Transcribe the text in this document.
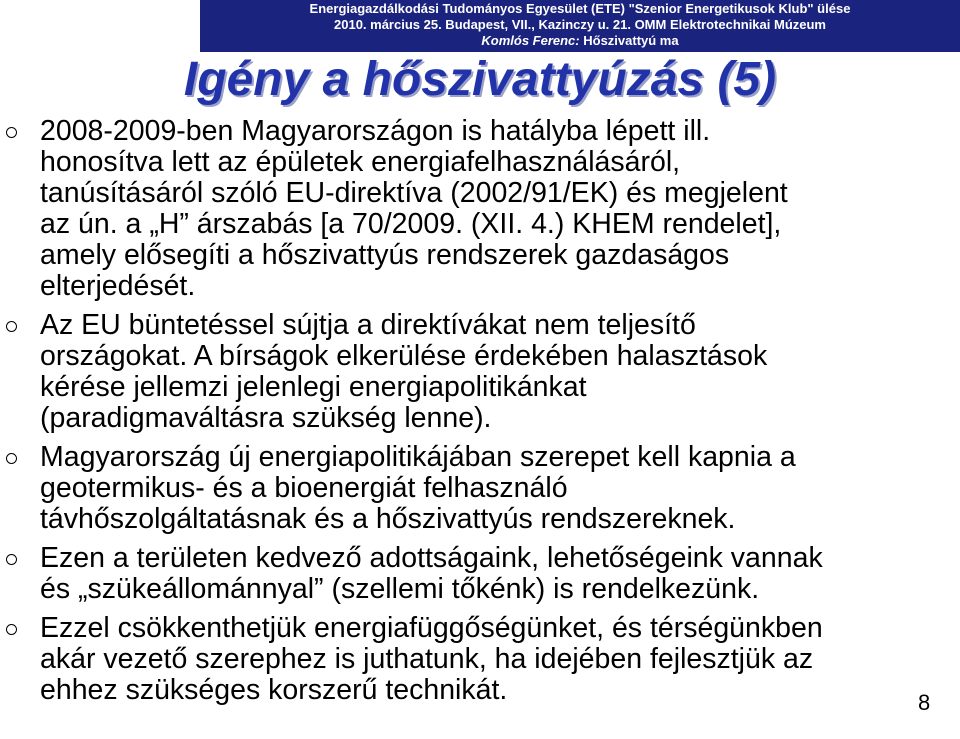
Energiagazdálkodási Tudományos Egyesület (ETE) "Szenior Energetikusok Klub" ülése
2010. március 25. Budapest, VII., Kazinczy u. 21. OMM Elektrotechnikai Múzeum
Komlós Ferenc: Hőszivattyú ma
Igény a hőszivattyúzás (5)

2008-2009-ben Magyarországon is hatályba lépett ill.

honosítva lett az épületek energiafelhasználásáról,

tanúsításáról szóló EU-direktíva (2002/91/EK) és megjelent

az ún. a „H” árszabás [a 70/2009. (XII. 4.) KHEM rendelet],

amely elősegíti a hőszivattyús rendszerek gazdaságos

elterjedését.

Az EU büntetéssel sújtja a direktívákat nem teljesítő

országokat. A bírságok elkerülése érdekében halasztások

kérése jellemzi jelenlegi energiapolitikánkat

(paradigmaváltásra szükség lenne).

Magyarország új energiapolitikájában szerepet kell kapnia a

geotermikus- és a bioenergiát felhasználó

távhőszolgáltatásnak és a hőszivattyús rendszereknek.

Ezen a területen kedvező adottságaink, lehetőségeink vannak

és „szükeállománnyal” (szellemi tőkénk) is rendelkezünk.

Ezzel csökkenthetjük energiafüggőségünket, és térségünkben

akár vezető szerephez is juthatunk, ha idejében fejlesztjük az

ehhez szükséges korszerű technikát.	8
